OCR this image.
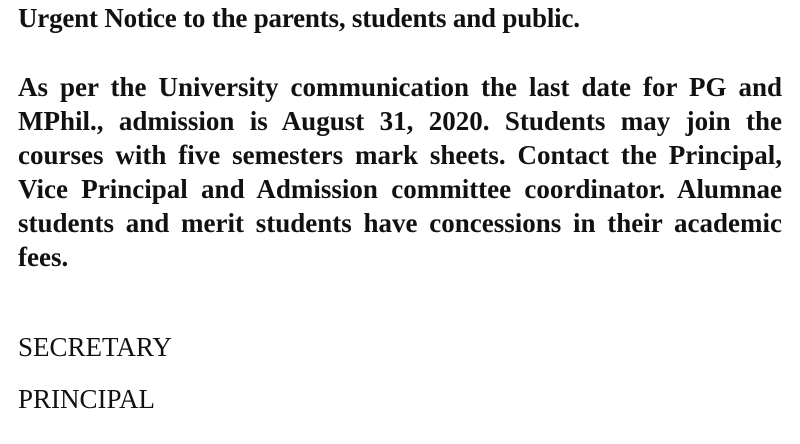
Urgent Notice to the parents, students and public.

As per the University communication the last date for PG and MPhil., admission is August 31, 2020. Students may join the courses with five semesters mark sheets. Contact the Principal, Vice Principal and Admission committee coordinator. Alumnae students and merit students have concessions in their academic fees.

SECRETARY

PRINCIPAL
